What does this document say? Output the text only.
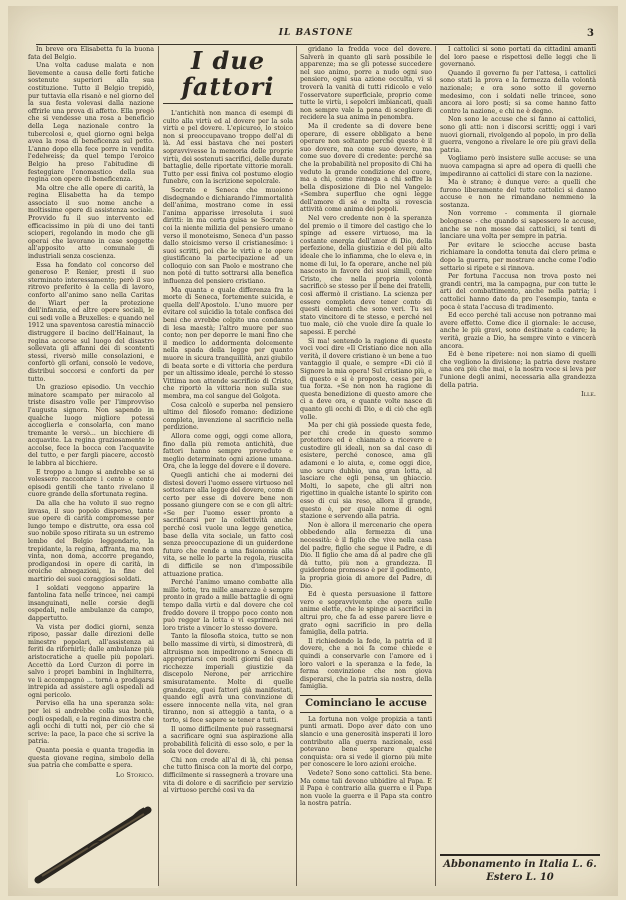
IL BASTONE	3

In breve ora Elisabetta fu la buona fata del Belgio.

Una volta caduse malata e non lievemente a causa delle forti fatiche sostenute superiori alla sua costituzione. Tutto il Belgio trepidò, pur tuttavia ella risanò e nel giorno del la sua festa volevasi dalla nazione offrirle una prova di affetto. Ella pregò che si vendesse una rosa a beneficio della Lega nazionale contro la tubercolosi e, quel giorno ogni belga avea la rosa di beneficenza sul petto. L'anno dopo ella fece porre in vendita l'edelweiss; da quel tempo l'eroico Belgio ha preso l'abitudine di festeggiare l'onomastico della sua regina con opere di beneficenza.

Ma oltre che alle opere di carità, la regina Elisabetta ha da tempo associato il suo nome anche a moltissime opere di assistenza sociale. Provvido fu il suo intervento ed efficacissimo in più di uno dei tanti scioperi, regolando in modo che gli operai che lavorano in case soggette all'apposito atto comunale di industriali senza coscienza.

Essa ha fondato col concorso del generoso P. Renier, presti il suo sterminato interessamento; però il suo ritrovo preferito è la cella di lavoro, conforto all'animo sano nella Caritas de Wiart per la protezione dell'infanzia, ed altre opere sociali, le cui sedi volle a Bruxelles: e quando nel 1912 una spaventosa carestia minacciò distruggere il bacino dell'Hainaut, la regina accorse sul luogo del disastro sollevata gli affanni dei di scontenti stessi, riversò mille consolazioni, e confortò gli orfani, consolò le vedove, distribuì soccorsi e conforti da per tutto.

Un grazioso episodio. Un vecchio minatore scampato per miracolo al triste disastro volle per l'improvviso l'augusta signora. Non sapendo in qualche luogo migliore potessi accoglierla e consolarla, con mano tremante le versò... un bicchiere di acquavite. La regina graziosamente lo accolse, fece la bocca con l'acquavite del tutto, e per fargli piacere, accostò le labbra al bicchiere.

E troppo a lungo si andrebbe se si volessero raccontare i cento e cento episodi gentili che tanto rivelano il cuore grande della sfortunata regina.

Da alla che ha voluto il suo regno invasa, il suo popolo disperso, tante sue opere di carità compromesse per lungo tempo e distrutte, ora essa col suo nobile sposo ritirata su un estremo lembo del Belgio leggendario, la trepidante, la regina, affranta, ma non vinta, non doma, accorre pregando, prodigandosi in opere di carità, in oroiche abnegazioni, la fine del martirio dei suoi coraggiosi soldati.

I soldati veggono apparire la fantolina fata nelle trincee, nei campi insanguinati, nelle corsie degli ospedali, nelle ambulanze da campo, dappertutto.

Va vista per dodici giorni, senza riposo, passar dalle direzioni delle minestre popolari, all'assistenza ai feriti da rifornirli; dalle ambulanze più aristocratiche a quelle più popolari. Accettò da Lord Curzon di porre in salvo i propri bambini in Inghilterra, ve li accompagnò ... tornò a prodigarsi intrepida ad assistere agli ospedali ad ogni pericolo.

Perviso ella ha una speranza sola: per lei si andrebbe colla sua bontà, cogli ospedali, e la regina dimostra che agli occhi di tutti noi, per ciò che si scrive: la pace, la pace che si scrive la patria.

Quanta poesia e quanta tragedia in questa giovane regina, simbolo della sua patria che combatte e spera.

Lo Storico.
I due fattori

L'antichità non manca di esempi di culto alla virtù ed al dovere per la sola virtù e pel dovere. L'epicureo, lo stoico non si preoccupavano troppo dell'al di là. Ad essi bastava che nei posteri sopravvivesse la memoria delle proprie virtù, dei sostenuti sacrifici, delle durate battaglie, delle riportate vittorie morali. Tutto per essi finiva col postumo elogio funebre, con la iscrizione sepolcrale.

Socrate e Seneca che muoiono disdegnando e dichiarando l'immortalità dell'anima, mostrano come in essi l'anima apparisse irresoluta i suoi diritti: in ma certa guisa se Socrate è coi la niente milizia del pensiero umano verso il monoteismo, Seneca d'un passo dallo stoicismo verso il cristianesimo: i suoi scritti, poi che le virtù e le opere giustificano la partecipazione ad un colloquio con san Paolo e mostrano che non poté di tutto sottrarsi alla benefica influenza del pensiero cristiano.

Ma quanta e quale differenza fra la morte di Seneca, fortemente suicida, e quella dell'Apostolo. L'uno muore per evitare col suicidio la totale confisca dei beni che avrebbe colpito una condanna di lesa maestà; l'altro muore per suo conto; non per deporre le mani fino che il medico lo addormenta dolcemente nella spada della legge per quanto muore in sicura tranquillità, anzi giubilo di beata sorte e di vittoria che perdura per un altissimo ideale, perché lo stesso Vittima non attende sacrificio di Cristo, che riportò la vittoria non sulla sue membra, ma col sangue del Golgota.

Cosa calcolò e superba nel pensiero ultimo del filosofo romano: dedizione completa, invenzione al sacrificio nella perdizione.

Allora come oggi, oggi come allora, fino dalla più remota antichità, due fattori hanno sempre preveduto e meglio determinato ogni azione umana. Ora, che la legge del dovere e il dovere.

Quegli antichi che ai moderni dei distesi doveri l'uomo essere virtuoso nel sottostare alla legge del dovere, come di certo per esse di dovere bene non possano giungere con se e con gli altri: «Se per l'uomo esser pronto a sacrificarsi per la collettività anche perché così vuole una legge genetica, base della vita sociale, un fatto così senza preoccupazione di un guiderdone futuro che rende a una fisionomia alla vita, se nelle lo parte la regola, riuscita di difficile se non d'impossibile attuazione pratica.

Perché l'animo umano combatte alla mille lotte, tra mille amarezze è sempre pronto in grado a mille battaglie di ogni tempo dalla virtù e dal dovere che col freddo dovere il troppo poco conto non può regger la lotta e vi esprimerà nei loro triste a vincer lo stesso dovere.

Tanto la filosofia stoica, tutto se non bello massime di virtù, si dimostrerà, di altruismo non impedirono a Seneca di appropriarsi con molti giorni dei quali ricchezze imperiali giustizie da discepolo Nerone, per arricchire smisuratamente. Molte di quelle grandezze, quei fattori già manifestati, quando egli avrà una convinzione di essere innocente nella vita, nel gran tiranno, non si atteggiò a tanta, o a torto, si fece sapere se tener a tutti.

Il uomo difficilmente può rassegnarsi a sacrificare ogni sua aspirazione alla probabilità felicità di esso solo, e per la sola voce del dovere.

Chi non crede all'al di là, chi pensa che tutto finisca con la morte del corpo, difficilmente si rassegnerà a trovare una vita di dolore e di sacrificio per servizio al virtuoso perché così va da

gridano la fredda voce del dovere. Salverà in quanto gli sarà possibile le apparenze; ma se gli potesse succedere nel suo animo, porre a nudo ogni suo pensiero, ogni sua azione occulta, vi si troverà la vanità di tutti ridicolo e velo l'osservatore superficiale, proprio come tutte le virtù, i sepolcri imbiancati, quali non sempre vale la pena di scegliere di recidere la sua anima in penombra.

Ma il credente sa di dovere bene operare, di essere obbligato a bene operare non soltanto perché questo è il suo dovere, ma come suo dovere, ma come suo dovere di credente: perché sa che la probabilità nel proposito di Chi ha veduto la grande condizione del cuore, ma a chi, come rinnega a chi soffre la bella disposizione di Dio nel Vangelo: «Sembra superfluo che ogni legge dell'amore di sé e molta si rovescia attività come anima dei popoli.

Nel vero credente non è la speranza del premio o il timore del castigo che lo spinge ad essere virtuoso, ma la costante energia dell'amor di Dio, della perfezione, della giustizia e del più alto ideale che lo infiamma, che lo eleva e, in nome di lui, lo fa operare, anche nel più nascosto in favore dei suoi simili, come Cristo, che nella propria volontà sacrificò se stesso per il bene dei fratelli, così affermò il cristiano. La scienza per essere completa deve tener conto di questi elementi che sono veri. Tu sei stato vincitore di te stesso, e perché nel tuo male, ciò che vuole dire la quale lo sapessi. E perché

Sì ma! sentendo la ragione di queste voci voci dire «Il Cristiano dice non alla verità, il dovere cristiano è un bene a tuo vantaggio il quale, e sempre «Di ciò il Signore la mia opera! Sul cristiano più, e di questo e si è proposte, cessa per la tua forza. «Se non non ha ragione di questa benedizione di questo amore che ci a deve ora, e quante volte nasce di quanto gli occhi di Dio, e di ciò che egli volle.

Ma per chi già possiede questa fede, per chi crede in questo sommo protettore ed è chiamato a ricevere e custodire gli ideali, non sa dal caso di esistere, perché conosce, ama gli adamoni e lo aiuta, e, come oggi dice, uno scuro dubbio, una gran lotta, al lasciare che egli pensa, un ghiaccio. Molti, lo sapete, che gli altri non rigettino in qualche istante lo spirito con esso di cui sia reso, allora il grande, questo è, per quale nome di ogni stazione e servendo alla patria.

Non è allora il mercenario che opera obbedendo alla fermezza di una necessità: è il figlio che vive nella casa del padre, figlio che segue il Padre, e di Dio. Il figlio che ama dà al padre che gli dà tutto, più non a grandezza. Il guiderdone promesso è per il godimento, la propria gioia di amore del Padre, di Dio.

Ed è questa persuasione il fattore vero e sopravvivente che opera sulle anime elette, che le spinge ai sacrifici in altrui pro, che fa ad esse parere lieve e grato ogni sacrificio in pro della famiglia, della patria.

Il richiedendo la fede, la patria ed il dovere, che a noi fa come chiede e quindi a conservarle con l'amore ed i loro valori e la speranza e la fede, la ferma convinzione che non giova disperarsi, che la patria sia nostra, della famiglia.

Cominciano le accuse

La fortuna non volge propizia a tanti punti armati. Dopo aver dato con uno slancio e una generosità insperati il loro contributo alla guerra nazionale, essi potevano bene sperare qualche conquista: ora si vede il giorno più mite per conoscere le loro azioni eroiche.

Vedete? Sono sono cattolici. Sta bene. Ma come tali devono ubbidire al Papa. E il Papa è contrario alla guerra e il Papa non vuole la guerra e il Papa sta contro la nostra patria.

I cattolici si sono portati da cittadini amanti del loro paese e rispettosi delle leggi che li governano.

Quando il governo fu per l'attesa, i cattolici sono stati la prova e la fermezza della volontà nazionale; e ora sono sotto il governo medesimo, con i soldati nelle trincee, sono ancora ai loro posti; si sa come hanno fatto contro la nazione, e chi ne è degno.

Non sono le accuse che si fanno ai cattolici, sono gli atti: non i discorsi scritti; oggi i vari nuovi giornali, rivolgendo al popolo, in pro della guerra, vengono a rivelare le ore più gravi della patria.

Vogliamo però insistere sulle accuse: se una nuova campagna si apre ad opera di quelli che impediranno ai cattolici di stare con la nazione.

Ma è strano; è dunque vero: a quelli che furono liberamente del tutto cattolici si danno accuse e non ne rimandano nemmeno la sostanza.

Non vorremo - commenta il giornale bolognese - che quando si sapessero le accuse, anche se non mosse dai cattolici, si tenti di lanciare una volta per sempre in patria.

Per evitare le sciocche accuse basta richiamare la condotta tenuta dai clero prima e dopo la guerra, per mostrare anche come l'odio settario si ripete e si rinnova.

Per fortuna l'accusa non trova posto nei grandi centri, ma la campagna, pur con tutte le arti del combattimento, anche nella patria; i cattolici hanno dato da pro l'esempio, tanta e poca è stata l'accusa di tradimento.

Ed ecco perché tali accuse non potranno mai avere effetto. Come dice il giornale: le accuse, anche le più gravi, sono destinate a cadere; la verità, grazie a Dio, ha sempre vinto e vincerà ancora.

Ed è bene ripetere: noi non siamo di quelli che vogliono la divisione; la patria deve restare una ora più che mai, e la nostra voce si leva per l'unione degli animi, necessaria alla grandezza della patria.

Ille.
Abbonamento in Italia L. 6. Estero L. 10
